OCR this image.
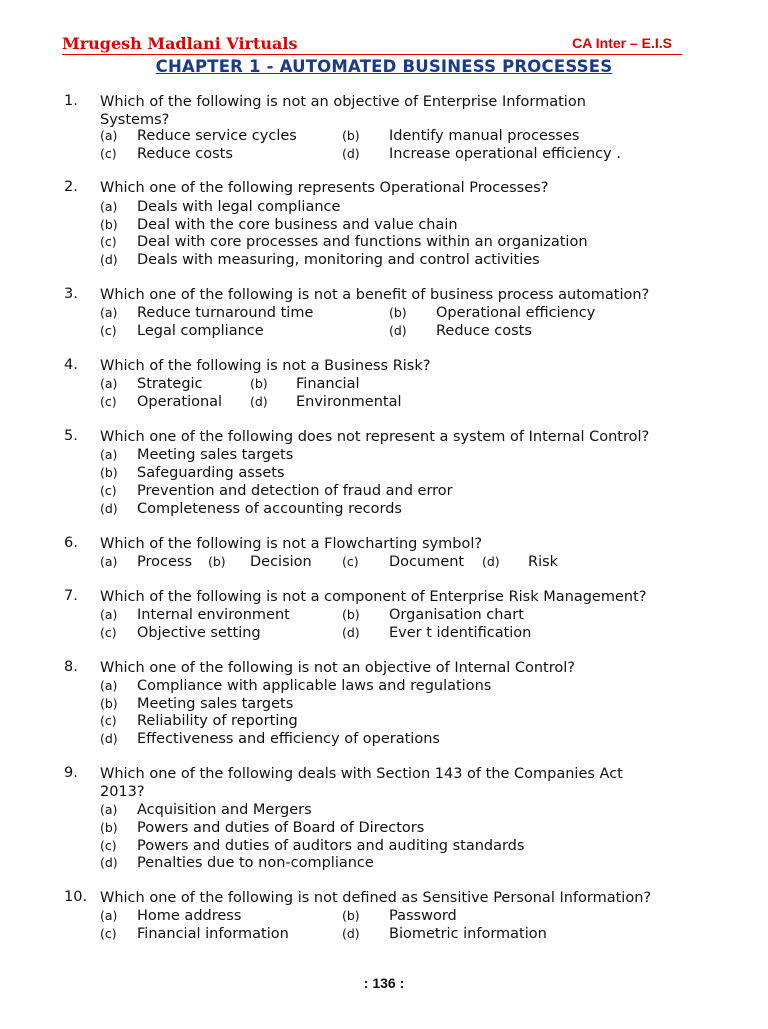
Mrugesh Madlani Virtuals	CA Inter – E.I.S
CHAPTER 1 - AUTOMATED BUSINESS PROCESSES
1. Which of the following is not an objective of Enterprise Information
Systems?
(a) Reduce service cycles
(c) Reduce costs
(b) Identify manual processes
(d) Increase operational efficiency .
2. Which one of the following represents Operational Processes?
(a) Deals with legal compliance
(b) Deal with the core business and value chain
(c) Deal with core processes and functions within an organization
(d) Deals with measuring, monitoring and control activities
3. Which one of the following is not a benefit of business process automation?
(a) Reduce turnaround time
(c) Legal compliance
(b) Operational efficiency
(d) Reduce costs
4. Which of the following is not a Business Risk?
(a) Strategic
(c) Operational
(b) Financial
(d) Environmental
5. Which one of the following does not represent a system of Internal Control?
(a) Meeting sales targets
(b) Safeguarding assets
(c) Prevention and detection of fraud and error
(d) Completeness of accounting records
6. Which of the following is not a Flowcharting symbol?
(a) Process (b) Decision (c) Document (d) Risk
7. Which of the following is not a component of Enterprise Risk Management?
(a) Internal environment
(c) Objective setting
(b) Organisation chart
(d) Ever t identification
8. Which one of the following is not an objective of Internal Control?
(a) Compliance with applicable laws and regulations
(b) Meeting sales targets
(c) Reliability of reporting
(d) Effectiveness and efficiency of operations
9. Which one of the following deals with Section 143 of the Companies Act
2013?
(a) Acquisition and Mergers
(b) Powers and duties of Board of Directors
(c) Powers and duties of auditors and auditing standards
(d) Penalties due to non-compliance
10. Which one of the following is not defined as Sensitive Personal Information?
(a) Home address
(c) Financial information
(b) Password
(d) Biometric information
: 136 :
